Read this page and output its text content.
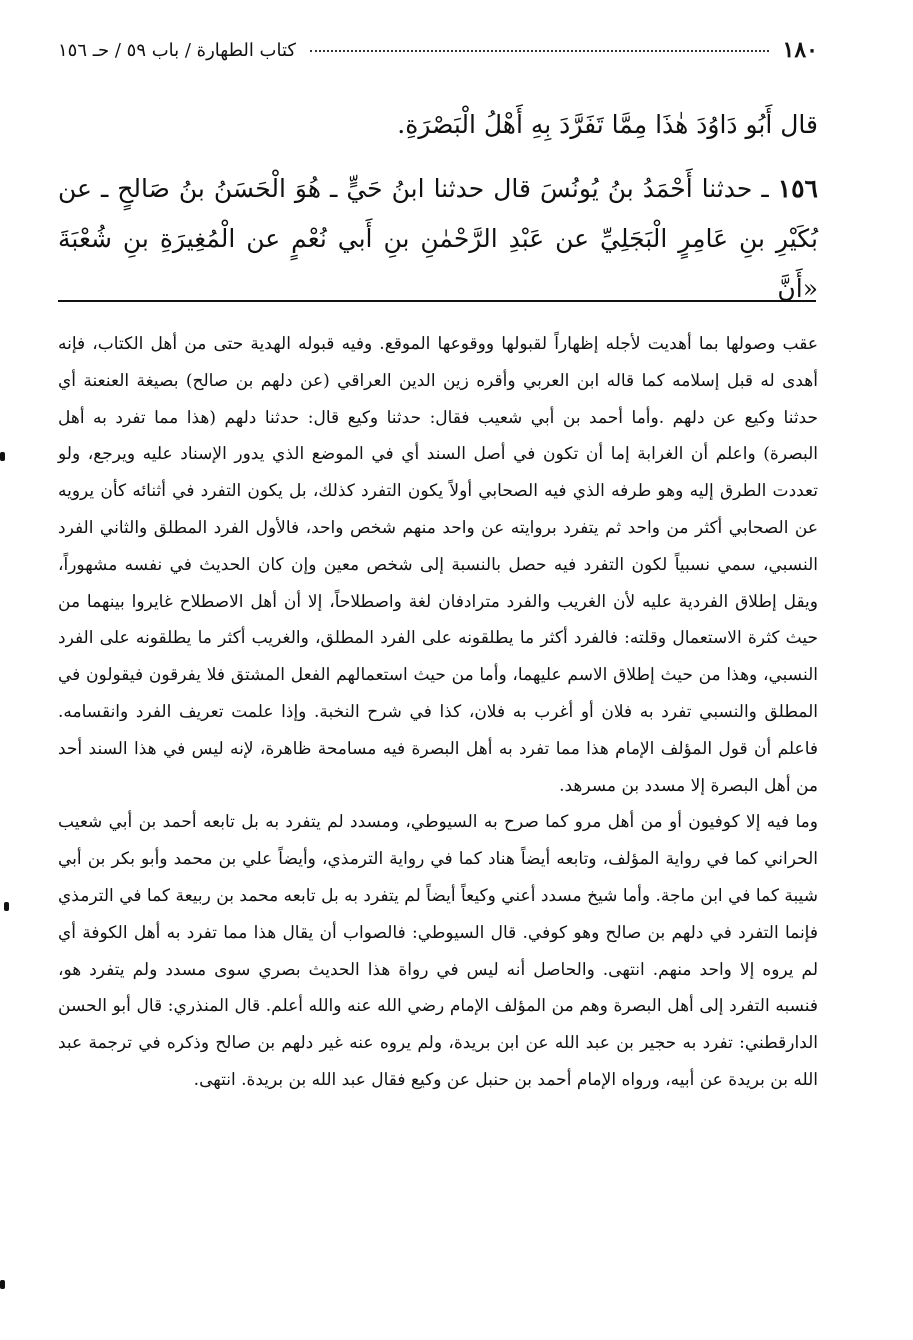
١٨٠
كتاب الطهارة / باب ٥٩ / حـ ١٥٦

قال أَبُو دَاوُدَ هٰذَا مِمَّا تَفَرَّدَ بِهِ أَهْلُ الْبَصْرَةِ.

١٥٦ ـ حدثنا أَحْمَدُ بنُ يُونُسَ قال حدثنا ابنُ حَيٍّ ـ هُوَ الْحَسَنُ بنُ صَالحٍ ـ عن بُكَيْرِ بنِ عَامِرٍ الْبَجَلِيِّ عن عَبْدِ الرَّحْمٰنِ بنِ أَبي نُعْمٍ عن الْمُغِيرَةِ بنِ شُعْبَةَ «أَنَّ

عقب وصولها بما أهديت لأجله إظهاراً لقبولها ووقوعها الموقع. وفيه قبوله الهدية حتى من أهل الكتاب، فإنه أهدى له قبل إسلامه كما قاله ابن العربي وأقره زين الدين العراقي (عن دلهم بن صالح) بصيغة العنعنة أي حدثنا وكيع عن دلهم .وأما أحمد بن أبي شعيب فقال: حدثنا وكيع قال: حدثنا دلهم (هذا مما تفرد به أهل البصرة) واعلم أن الغرابة إما أن تكون في أصل السند أي في الموضع الذي يدور الإسناد عليه ويرجع، ولو تعددت الطرق إليه وهو طرفه الذي فيه الصحابي أولاً يكون التفرد كذلك، بل يكون التفرد في أثنائه كأن يرويه عن الصحابي أكثر من واحد ثم يتفرد بروايته عن واحد منهم شخص واحد، فالأول الفرد المطلق والثاني الفرد النسبي، سمي نسبياً لكون التفرد فيه حصل بالنسبة إلى شخص معين وإن كان الحديث في نفسه مشهوراً، ويقل إطلاق الفردية عليه لأن الغريب والفرد مترادفان لغة واصطلاحاً، إلا أن أهل الاصطلاح غايروا بينهما من حيث كثرة الاستعمال وقلته: فالفرد أكثر ما يطلقونه على الفرد المطلق، والغريب أكثر ما يطلقونه على الفرد النسبي، وهذا من حيث إطلاق الاسم عليهما، وأما من حيث استعمالهم الفعل المشتق فلا يفرقون فيقولون في المطلق والنسبي تفرد به فلان أو أغرب به فلان، كذا في شرح النخبة. وإذا علمت تعريف الفرد وانقسامه. فاعلم أن قول المؤلف الإمام هذا مما تفرد به أهل البصرة فيه مسامحة ظاهرة، لإنه ليس في هذا السند أحد من أهل البصرة إلا مسدد بن مسرهد.

وما فيه إلا كوفيون أو من أهل مرو كما صرح به السيوطي، ومسدد لم يتفرد به بل تابعه أحمد بن أبي شعيب الحراني كما في رواية المؤلف، وتابعه أيضاً هناد كما في رواية الترمذي، وأيضاً علي بن محمد وأبو بكر بن أبي شيبة كما في ابن ماجة. وأما شيخ مسدد أعني وكيعاً أيضاً لم يتفرد به بل تابعه محمد بن ربيعة كما في الترمذي فإنما التفرد في دلهم بن صالح وهو كوفي. قال السيوطي: فالصواب أن يقال هذا مما تفرد به أهل الكوفة أي لم يروه إلا واحد منهم. انتهى. والحاصل أنه ليس في رواة هذا الحديث بصري سوى مسدد ولم يتفرد هو، فنسبه التفرد إلى أهل البصرة وهم من المؤلف الإمام رضي الله عنه والله أعلم. قال المنذري: قال أبو الحسن الدارقطني: تفرد به حجير بن عبد الله عن ابن بريدة، ولم يروه عنه غير دلهم بن صالح وذكره في ترجمة عبد الله بن بريدة عن أبيه، ورواه الإمام أحمد بن حنبل عن وكيع فقال عبد الله بن بريدة. انتهى.
